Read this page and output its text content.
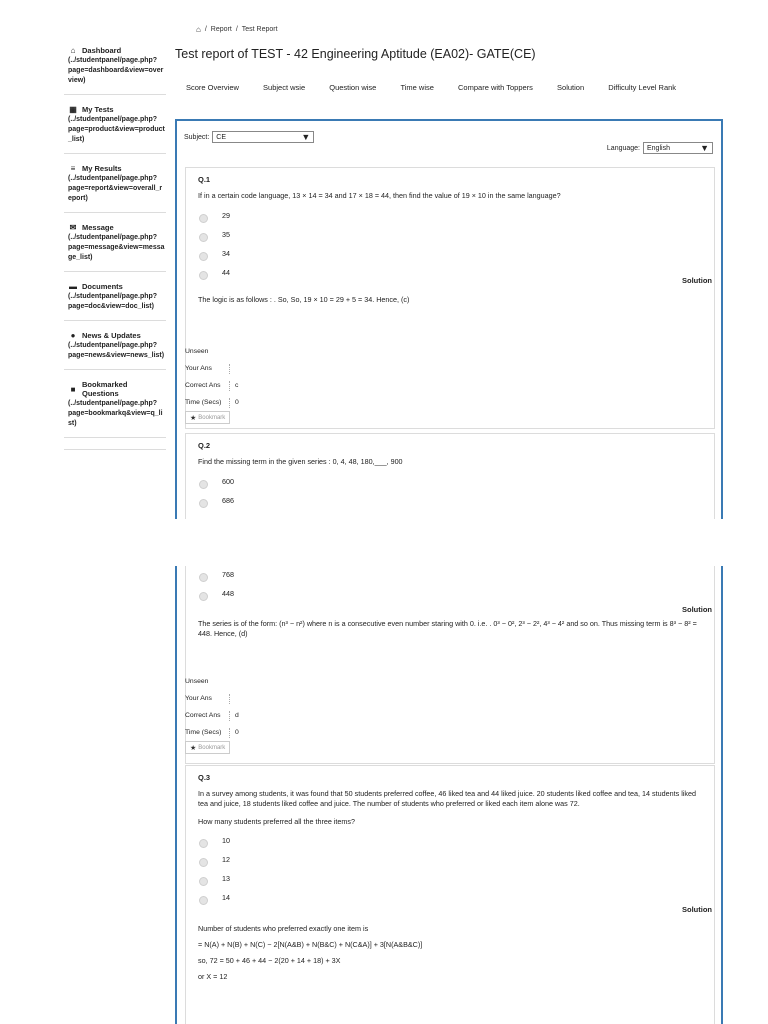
⌂ / Report / Test Report
Test report of TEST - 42 Engineering Aptitude (EA02)- GATE(CE)
⌂ Dashboard
(../studentpanel/page.php?
page=dashboard&view=overview)
▦ My Tests
(../studentpanel/page.php?
page=product&view=product_list)
≡ My Results
(../studentpanel/page.php?
page=report&view=overall_report)
✉ Message
(../studentpanel/page.php?
page=message&view=message_list)
▬ Documents
(../studentpanel/page.php?
page=doc&view=doc_list)
● News & Updates
(../studentpanel/page.php?
page=news&view=news_list)
■ Bookmarked Questions
(../studentpanel/page.php?
page=bookmarkq&view=q_list)
Score Overview	Subject wsie	Question wise	Time wise	Compare with Toppers	Solution	Difficulty Level Rank
Subject: CE	▼
Language: English	▼
Q.1
If in a certain code language, 13 × 14 = 34 and 17 × 18 = 44, then find the value of 19 × 10 in the same language?
29
35
34
44
Solution
The logic is as follows : . So, So, 19 × 10 = 29 + 5 = 34. Hence, (c)
Unseen
Your Ans
Correct Ans	c
Time (Secs)	0
★ Bookmark
Q.2
Find the missing term in the given series : 0, 4, 48, 180,___, 900
600
686
768
448
Solution
The series is of the form: (n³ − n²) where n is a consecutive even number staring with 0. i.e. . 0³ − 0², 2³ − 2², 4³ − 4² and so on. Thus missing term is 8³ − 8² = 448. Hence, (d)
Unseen
Your Ans
Correct Ans	d
Time (Secs)	0
★ Bookmark
Q.3
In a survey among students, it was found that 50 students preferred coffee, 46 liked tea and 44 liked juice. 20 students liked coffee and tea, 14 students liked tea and juice, 18 students liked coffee and juice. The number of students who preferred or liked each item alone was 72.
How many students preferred all the three items?
10
12
13
14
Solution
Number of students who preferred exactly one item is
= N(A) + N(B) + N(C) − 2[N(A&B) + N(B&C) + N(C&A)] + 3[N(A&B&C)]
so, 72 = 50 + 46 + 44 − 2(20 + 14 + 18) + 3X
or X = 12
